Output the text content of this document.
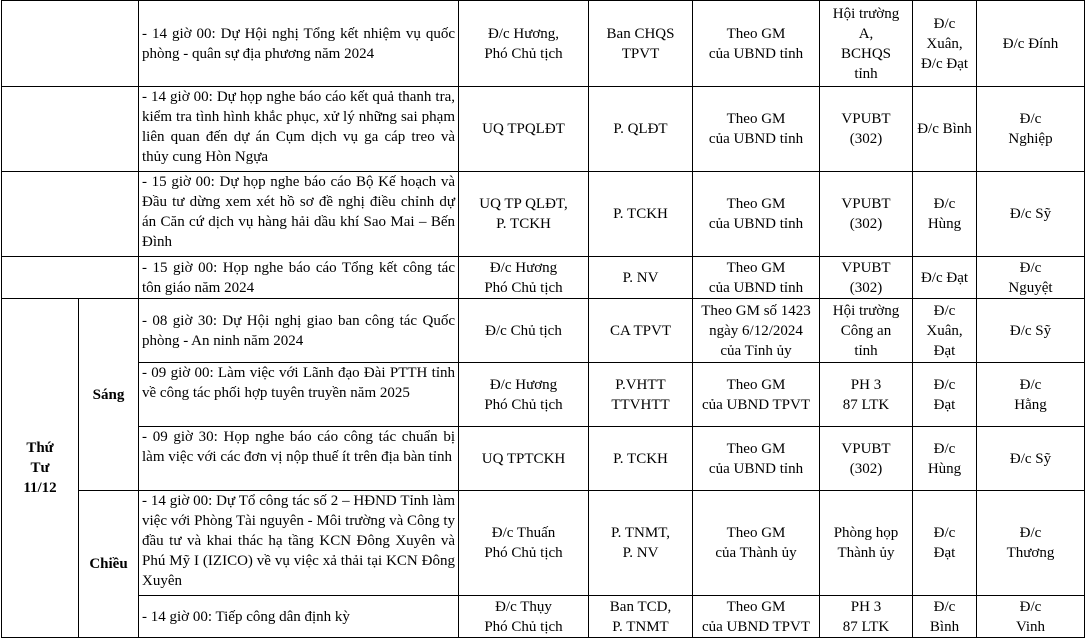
		- 14 giờ 00: Dự Hội nghị Tổng kết nhiệm vụ quốc phòng - quân sự địa phương năm 2024	Đ/c Hương,
Phó Chủ tịch	Ban CHQS
TPVT	Theo GM
của UBND tỉnh	Hội trường
A,
BCHQS
tỉnh	Đ/c Xuân,
Đ/c Đạt	Đ/c Đính
		- 14 giờ 00: Dự họp nghe báo cáo kết quả thanh tra, kiểm tra tình hình khắc phục, xử lý những sai phạm liên quan đến dự án Cụm dịch vụ ga cáp treo và thủy cung Hòn Ngựa	UQ TPQLĐT	P. QLĐT	Theo GM
của UBND tỉnh	VPUBT
(302)	Đ/c Bình	Đ/c
Nghiệp
		- 15 giờ 00: Dự họp nghe báo cáo Bộ Kế hoạch và Đầu tư dừng xem xét hồ sơ đề nghị điều chỉnh dự án Căn cứ dịch vụ hàng hải dầu khí Sao Mai – Bến Đình	UQ TP QLĐT,
P. TCKH	P. TCKH	Theo GM
của UBND tỉnh	VPUBT
(302)	Đ/c
Hùng	Đ/c Sỹ
		- 15 giờ 00: Họp nghe báo cáo Tổng kết công tác tôn giáo năm 2024	Đ/c Hương
Phó Chủ tịch	P. NV	Theo GM
của UBND tỉnh	VPUBT
(302)	Đ/c Đạt	Đ/c
Nguyệt
Thứ
Tư
11/12	Sáng	- 08 giờ 30: Dự Hội nghị giao ban công tác Quốc phòng - An ninh năm 2024	Đ/c Chủ tịch	CA TPVT	Theo GM số 1423
ngày 6/12/2024
của Tỉnh ủy	Hội trường
Công an
tỉnh	Đ/c
Xuân,
Đạt	Đ/c Sỹ
		- 09 giờ 00: Làm việc với Lãnh đạo Đài PTTH tỉnh về công tác phối hợp tuyên truyền năm 2025	Đ/c Hương
Phó Chủ tịch	P.VHTT
TTVHTT	Theo GM
của UBND TPVT	PH 3
87 LTK	Đ/c
Đạt	Đ/c
Hằng
		- 09 giờ 30: Họp nghe báo cáo công tác chuẩn bị làm việc với các đơn vị nộp thuế ít trên địa bàn tỉnh	UQ TPTCKH	P. TCKH	Theo GM
của UBND tỉnh	VPUBT
(302)	Đ/c
Hùng	Đ/c Sỹ
	Chiều	- 14 giờ 00: Dự Tổ công tác số 2 – HĐND Tỉnh làm việc với Phòng Tài nguyên - Môi trường và Công ty đầu tư và khai thác hạ tầng KCN Đông Xuyên và Phú Mỹ I (IZICO) về vụ việc xả thải tại KCN Đông Xuyên	Đ/c Thuấn
Phó Chủ tịch	P. TNMT,
P. NV	Theo GM
của Thành ủy	Phòng họp
Thành ủy	Đ/c
Đạt	Đ/c
Thương
		- 14 giờ 00: Tiếp công dân định kỳ	Đ/c Thụy
Phó Chủ tịch	Ban TCD,
P. TNMT	Theo GM
của UBND TPVT	PH 3
87 LTK	Đ/c
Bình	Đ/c
Vinh
